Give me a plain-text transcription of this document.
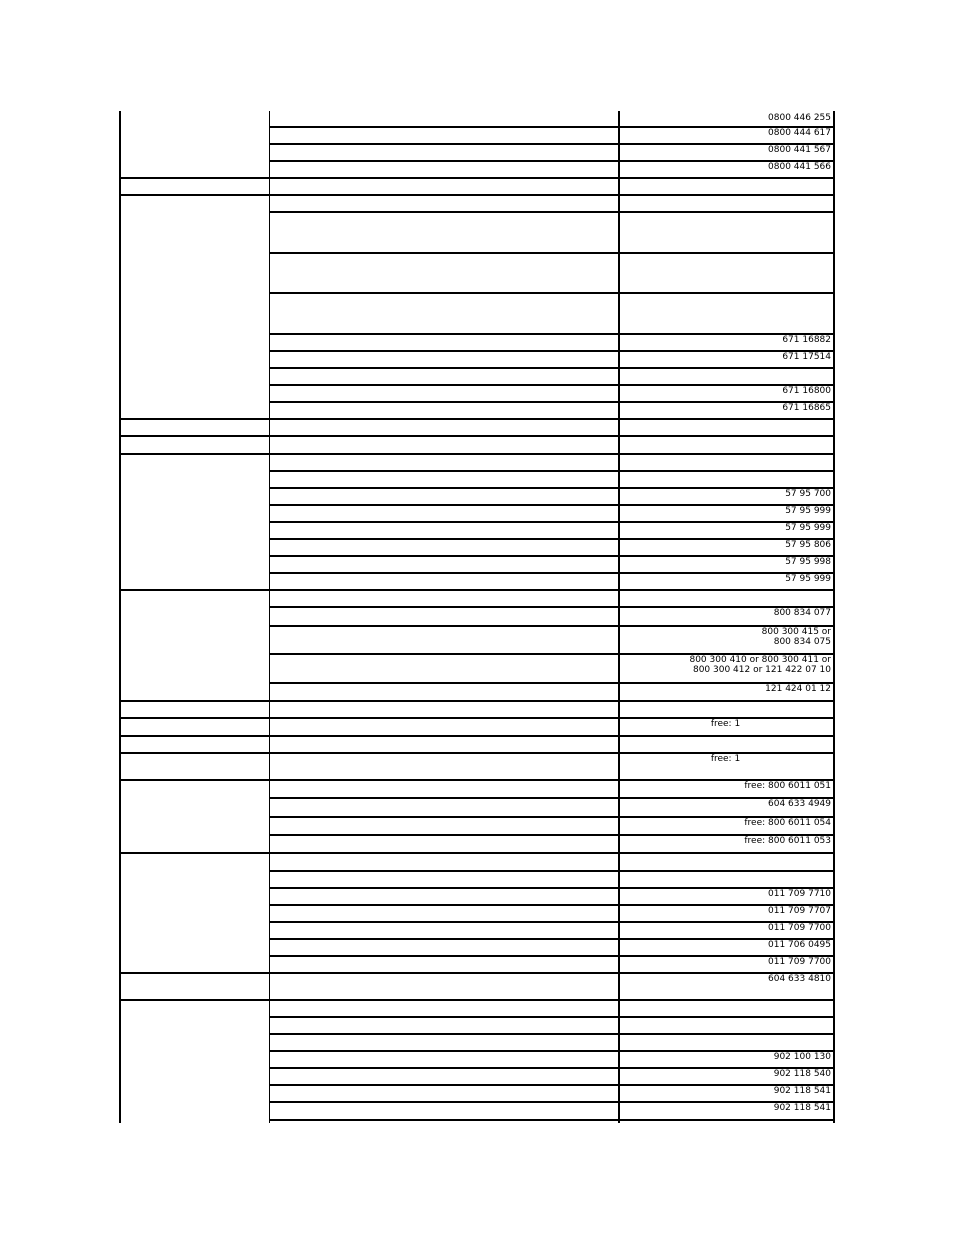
0800 446 255
0800 444 617
0800 441 567
0800 441 566
671 16882
671 17514
671 16800
671 16865
57 95 700
57 95 999
57 95 999
57 95 806
57 95 998
57 95 999
800 834 077
800 300 415 or
800 834 075
800 300 410 or 800 300 411 or
800 300 412 or 121 422 07 10
121 424 01 12
free: 1
free: 1
free: 800 6011 051
604 633 4949
free: 800 6011 054
free: 800 6011 053
011 709 7710
011 709 7707
011 709 7700
011 706 0495
011 709 7700
604 633 4810
902 100 130
902 118 540
902 118 541
902 118 541
